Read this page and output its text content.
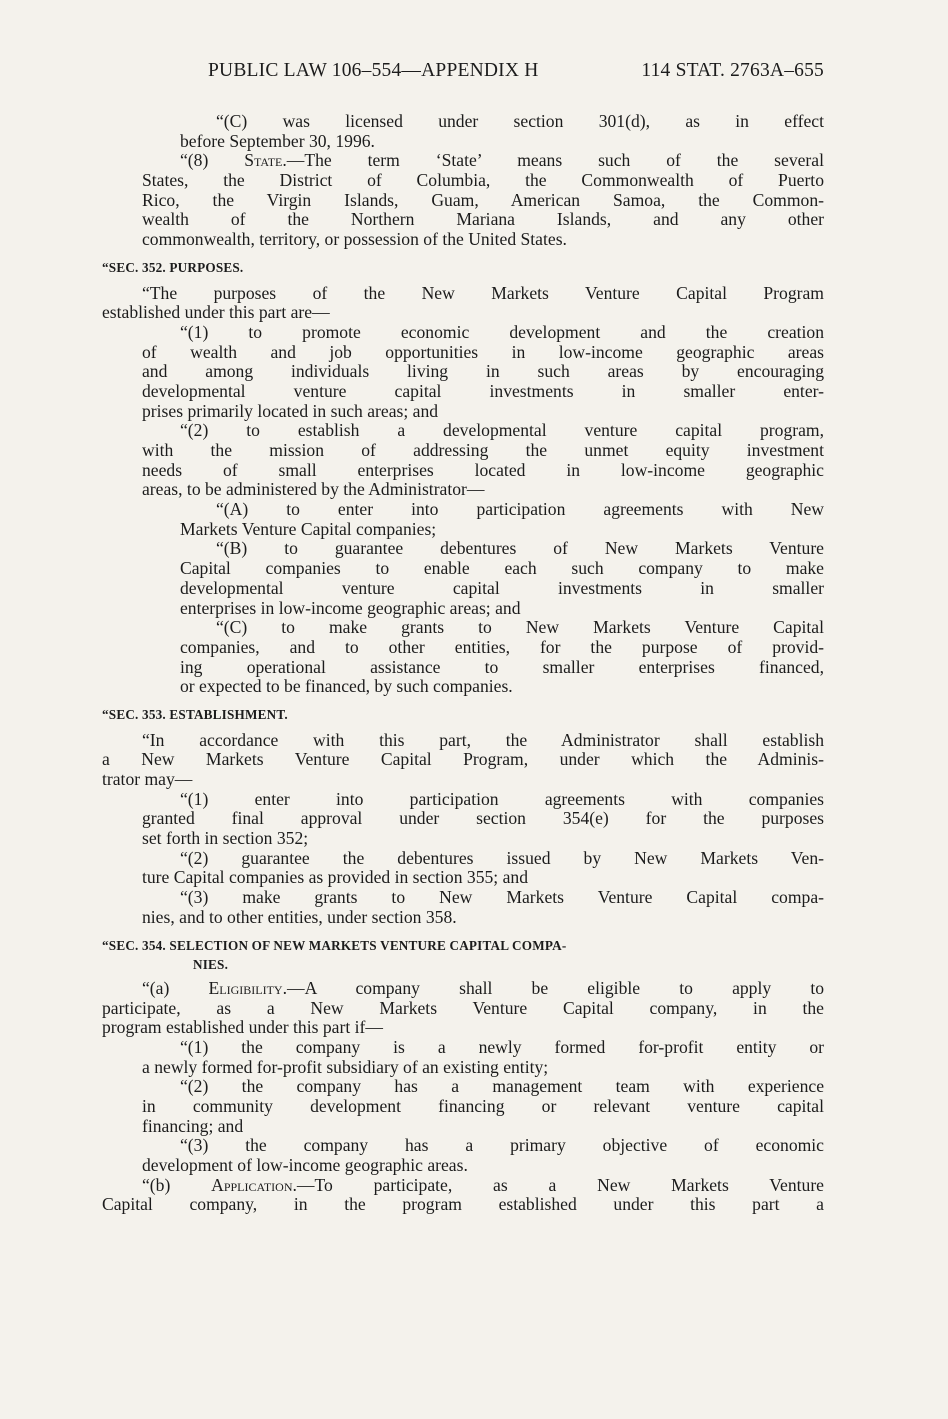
PUBLIC LAW 106–554—APPENDIX H	114 STAT. 2763A–655
“(C) was licensed under section 301(d), as in effect
before September 30, 1996.
“(8) State.—The term ‘State’ means such of the several
States, the District of Columbia, the Commonwealth of Puerto
Rico, the Virgin Islands, Guam, American Samoa, the Common-
wealth of the Northern Mariana Islands, and any other
commonwealth, territory, or possession of the United States.
“SEC. 352. PURPOSES.
“The purposes of the New Markets Venture Capital Program
established under this part are—
“(1) to promote economic development and the creation
of wealth and job opportunities in low-income geographic areas
and among individuals living in such areas by encouraging
developmental venture capital investments in smaller enter-
prises primarily located in such areas; and
“(2) to establish a developmental venture capital program,
with the mission of addressing the unmet equity investment
needs of small enterprises located in low-income geographic
areas, to be administered by the Administrator—
“(A) to enter into participation agreements with New
Markets Venture Capital companies;
“(B) to guarantee debentures of New Markets Venture
Capital companies to enable each such company to make
developmental venture capital investments in smaller
enterprises in low-income geographic areas; and
“(C) to make grants to New Markets Venture Capital
companies, and to other entities, for the purpose of provid-
ing operational assistance to smaller enterprises financed,
or expected to be financed, by such companies.
“SEC. 353. ESTABLISHMENT.
“In accordance with this part, the Administrator shall establish
a New Markets Venture Capital Program, under which the Adminis-
trator may—
“(1) enter into participation agreements with companies
granted final approval under section 354(e) for the purposes
set forth in section 352;
“(2) guarantee the debentures issued by New Markets Ven-
ture Capital companies as provided in section 355; and
“(3) make grants to New Markets Venture Capital compa-
nies, and to other entities, under section 358.
“SEC. 354. SELECTION OF NEW MARKETS VENTURE CAPITAL COMPA-
NIES.
“(a) Eligibility.—A company shall be eligible to apply to
participate, as a New Markets Venture Capital company, in the
program established under this part if—
“(1) the company is a newly formed for-profit entity or
a newly formed for-profit subsidiary of an existing entity;
“(2) the company has a management team with experience
in community development financing or relevant venture capital
financing; and
“(3) the company has a primary objective of economic
development of low-income geographic areas.
“(b) Application.—To participate, as a New Markets Venture
Capital company, in the program established under this part a
